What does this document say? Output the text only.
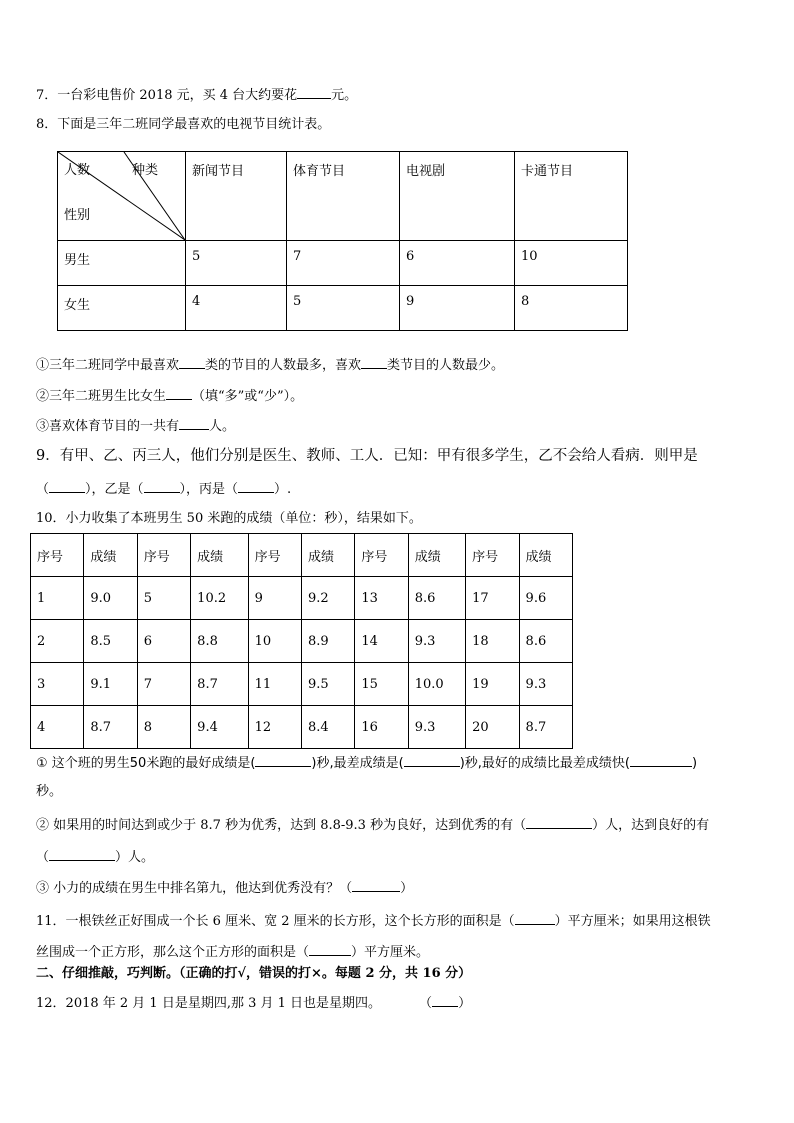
7．一台彩电售价 2018 元，买 4 台大约要花	元。
8．下面是三年二班同学最喜欢的电视节目统计表。
人数 种类
性别	新闻节目	体育节目	电视剧	卡通节目
男生	5	7	6	10
女生	4	5	9	8
①三年二班同学中最喜欢 类的节目的人数最多，喜欢 类节目的人数最少。
②三年二班男生比女生 （填“多”或“少”）。
③喜欢体育节目的一共有 人。
9．有甲、乙、丙三人，他们分别是医生、教师、工人．已知：甲有很多学生，乙不会给人看病．则甲是
（	），乙是（	），丙是（	）.
10．小力收集了本班男生 50 米跑的成绩（单位：秒），结果如下。
序号	成绩	序号	成绩	序号	成绩	序号	成绩	序号	成绩
1	9.0	5	10.2	9	9.2	13	8.6	17	9.6
2	8.5	6	8.8	10	8.9	14	9.3	18	8.6
3	9.1	7	8.7	11	9.5	15	10.0	19	9.3
4	8.7	8	9.4	12	8.4	16	9.3	20	8.7
① 这个班的男生50米跑的最好成绩是(	)秒,最差成绩是(	)秒,最好的成绩比最差成绩快(	)
秒。
② 如果用的时间达到或少于 8.7 秒为优秀，达到 8.8-9.3 秒为良好，达到优秀的有（	）人，达到良好的有
（	）人。
③ 小力的成绩在男生中排名第九，他达到优秀没有？（	）
11．一根铁丝正好围成一个长 6 厘米、宽 2 厘米的长方形，这个长方形的面积是（	）平方厘米；如果用这根铁
丝围成一个正方形，那么这个正方形的面积是（	）平方厘米。
二、仔细推敲，巧判断。（正确的打√，错误的打×。每题 2 分，共 16 分）
12．2018 年 2 月 1 日是星期四,那 3 月 1 日也是星期四。	（ ）
